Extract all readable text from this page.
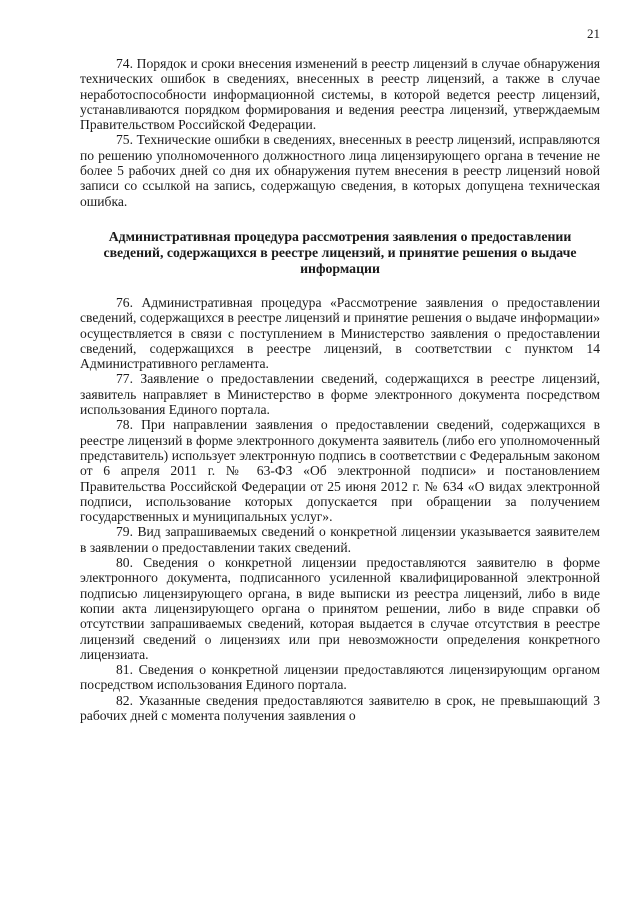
21

74. Порядок и сроки внесения изменений в реестр лицензий в случае обнаружения технических ошибок в сведениях, внесенных в реестр лицензий, а также в случае неработоспособности информационной системы, в которой ведется реестр лицензий, устанавливаются порядком формирования и ведения реестра лицензий, утверждаемым Правительством Российской Федерации.

75. Технические ошибки в сведениях, внесенных в реестр лицензий, исправляются по решению уполномоченного должностного лица лицензирующего органа в течение не более 5 рабочих дней со дня их обнаружения путем внесения в реестр лицензий новой записи со ссылкой на запись, содержащую сведения, в которых допущена техническая ошибка.

Административная процедура рассмотрения заявления о предоставлении сведений, содержащихся в реестре лицензий, и принятие решения о выдаче информации

76. Административная процедура «Рассмотрение заявления о предоставлении сведений, содержащихся в реестре лицензий и принятие решения о выдаче информации» осуществляется в связи с поступлением в Министерство заявления о предоставлении сведений, содержащихся в реестре лицензий, в соответствии с пунктом 14 Административного регламента.

77. Заявление о предоставлении сведений, содержащихся в реестре лицензий, заявитель направляет в Министерство в форме электронного документа посредством использования Единого портала.

78. При направлении заявления о предоставлении сведений, содержащихся в реестре лицензий в форме электронного документа заявитель (либо его уполномоченный представитель) использует электронную подпись в соответствии с Федеральным законом от 6 апреля 2011 г. № 63-ФЗ «Об электронной подписи» и постановлением Правительства Российской Федерации от 25 июня 2012 г. № 634 «О видах электронной подписи, использование которых допускается при обращении за получением государственных и муниципальных услуг».

79. Вид запрашиваемых сведений о конкретной лицензии указывается заявителем в заявлении о предоставлении таких сведений.

80. Сведения о конкретной лицензии предоставляются заявителю в форме электронного документа, подписанного усиленной квалифицированной электронной подписью лицензирующего органа, в виде выписки из реестра лицензий, либо в виде копии акта лицензирующего органа о принятом решении, либо в виде справки об отсутствии запрашиваемых сведений, которая выдается в случае отсутствия в реестре лицензий сведений о лицензиях или при невозможности определения конкретного лицензиата.

81. Сведения о конкретной лицензии предоставляются лицензирующим органом посредством использования Единого портала.

82. Указанные сведения предоставляются заявителю в срок, не превышающий 3 рабочих дней с момента получения заявления о
